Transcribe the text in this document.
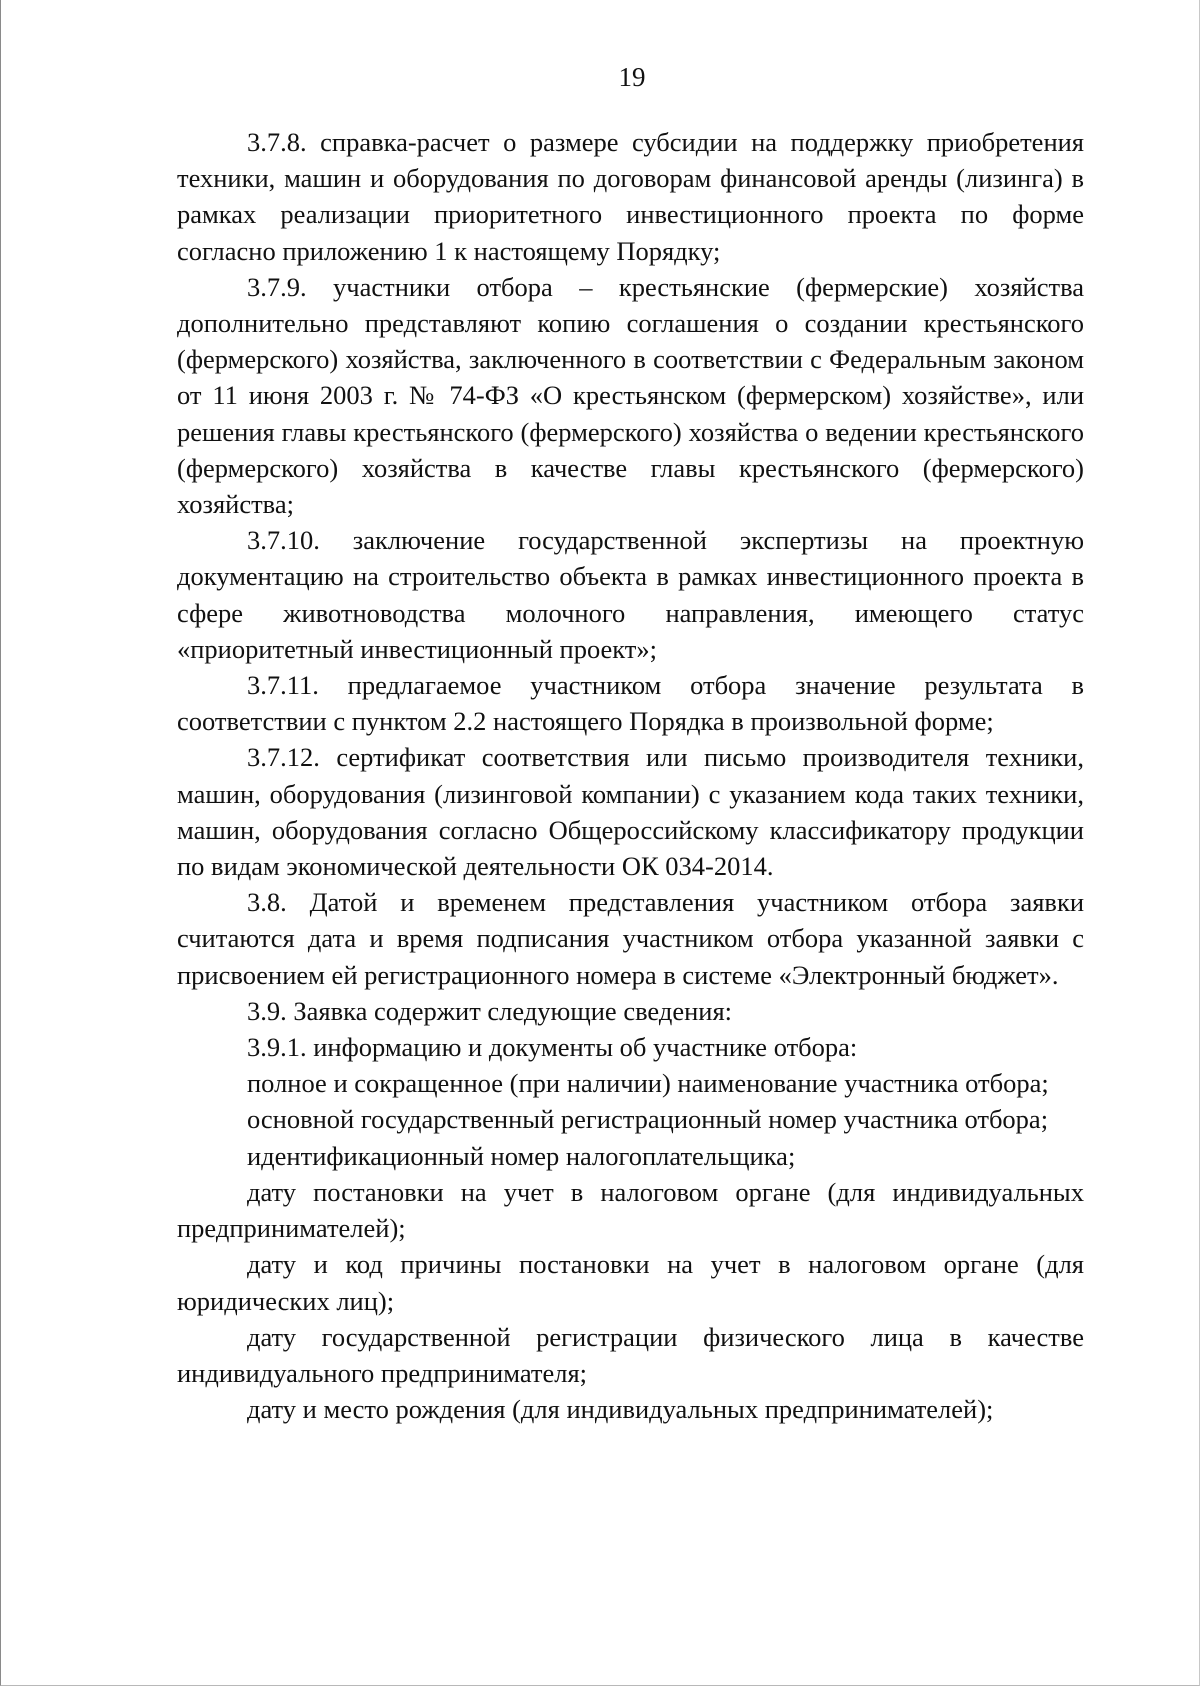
19

3.7.8. справка-расчет о размере субсидии на поддержку приобретения техники, машин и оборудования по договорам финансовой аренды (лизинга) в рамках реализации приоритетного инвестиционного проекта по форме согласно приложению 1 к настоящему Порядку;

3.7.9. участники отбора – крестьянские (фермерские) хозяйства дополнительно представляют копию соглашения о создании крестьянского (фермерского) хозяйства, заключенного в соответствии с Федеральным законом от 11 июня 2003 г. № 74-ФЗ «О крестьянском (фермерском) хозяйстве», или решения главы крестьянского (фермерского) хозяйства о ведении крестьянского (фермерского) хозяйства в качестве главы крестьянского (фермерского) хозяйства;

3.7.10. заключение государственной экспертизы на проектную документацию на строительство объекта в рамках инвестиционного проекта в сфере животноводства молочного направления, имеющего статус «приоритетный инвестиционный проект»;

3.7.11. предлагаемое участником отбора значение результата в соответствии с пунктом 2.2 настоящего Порядка в произвольной форме;

3.7.12. сертификат соответствия или письмо производителя техники, машин, оборудования (лизинговой компании) с указанием кода таких техники, машин, оборудования согласно Общероссийскому классификатору продукции по видам экономической деятельности ОК 034-2014.

3.8. Датой и временем представления участником отбора заявки считаются дата и время подписания участником отбора указанной заявки с присвоением ей регистрационного номера в системе «Электронный бюджет».

3.9. Заявка содержит следующие сведения:

3.9.1. информацию и документы об участнике отбора:

полное и сокращенное (при наличии) наименование участника отбора;

основной государственный регистрационный номер участника отбора;

идентификационный номер налогоплательщика;

дату постановки на учет в налоговом органе (для индивидуальных предпринимателей);

дату и код причины постановки на учет в налоговом органе (для юридических лиц);

дату государственной регистрации физического лица в качестве индивидуального предпринимателя;

дату и место рождения (для индивидуальных предпринимателей);
